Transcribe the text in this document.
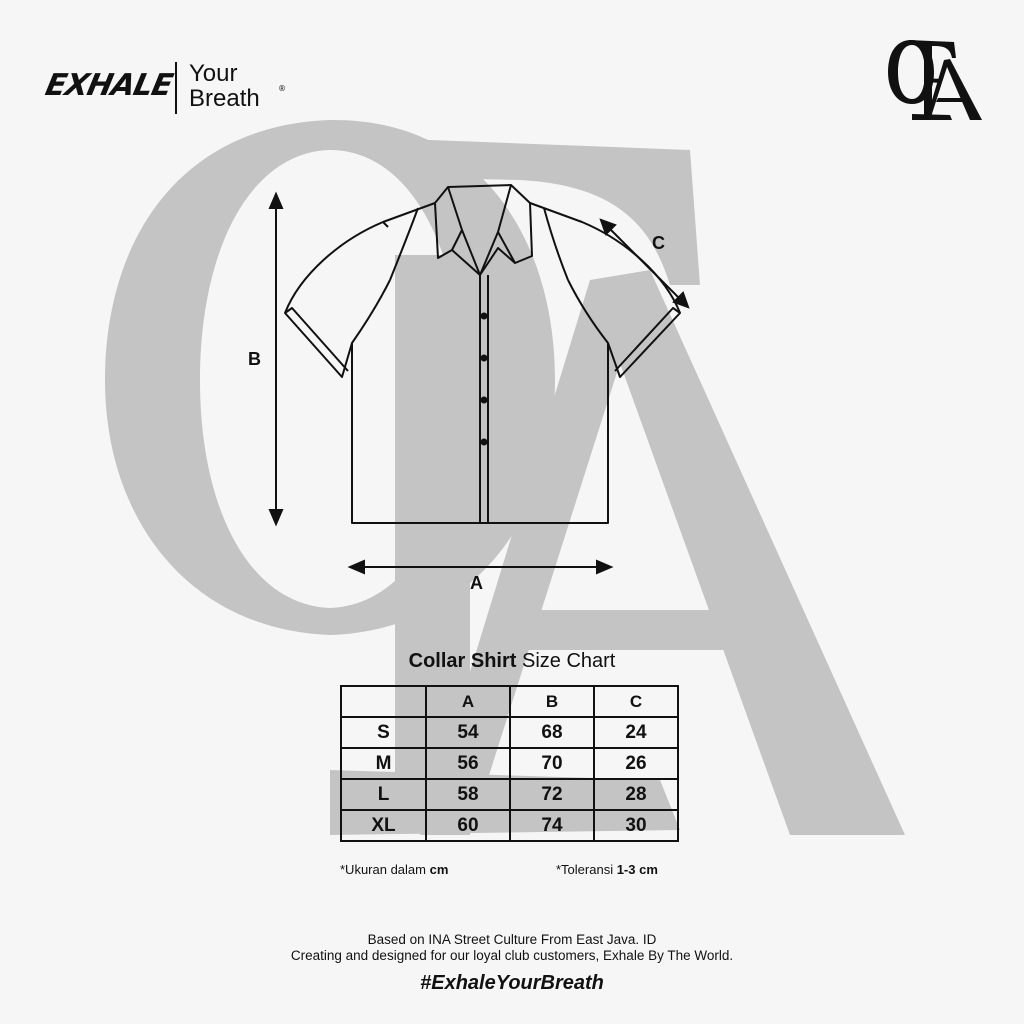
EXHALE Your
Breath ®
B
A
C
Collar Shirt Size Chart
	A	B	C
S	54	68	24
M	56	70	26
L	58	72	28
XL	60	74	30
*Ukuran dalam cm	*Toleransi 1-3 cm
Based on INA Street Culture From East Java. ID
Creating and designed for our loyal club customers, Exhale By The World.
#ExhaleYourBreath
